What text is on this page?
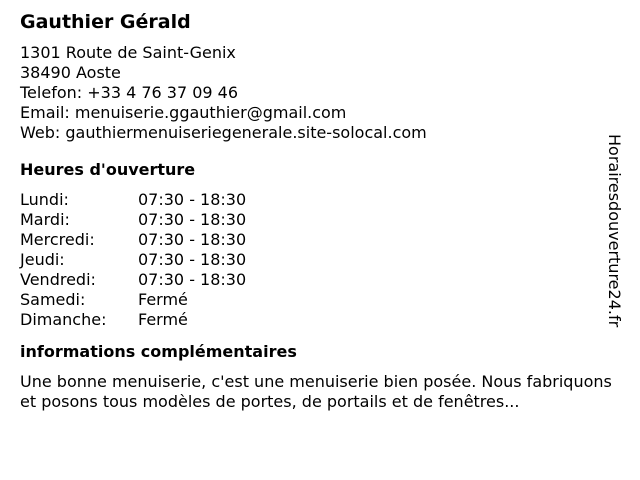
Gauthier Gérald
1301 Route de Saint-Genix
38490 Aoste
Telefon: +33 4 76 37 09 46
Email: menuiserie.ggauthier@gmail.com
Web: gauthiermenuiseriegenerale.site-solocal.com
Heures d'ouverture
Lundi:	07:30 - 18:30
Mardi:	07:30 - 18:30
Mercredi:	07:30 - 18:30
Jeudi:	07:30 - 18:30
Vendredi:	07:30 - 18:30
Samedi:	Fermé
Dimanche:	Fermé
informations complémentaires
Une bonne menuiserie, c'est une menuiserie bien posée. Nous fabriquons et posons tous modèles de portes, de portails et de fenêtres...
Horairesdouverture24.fr
